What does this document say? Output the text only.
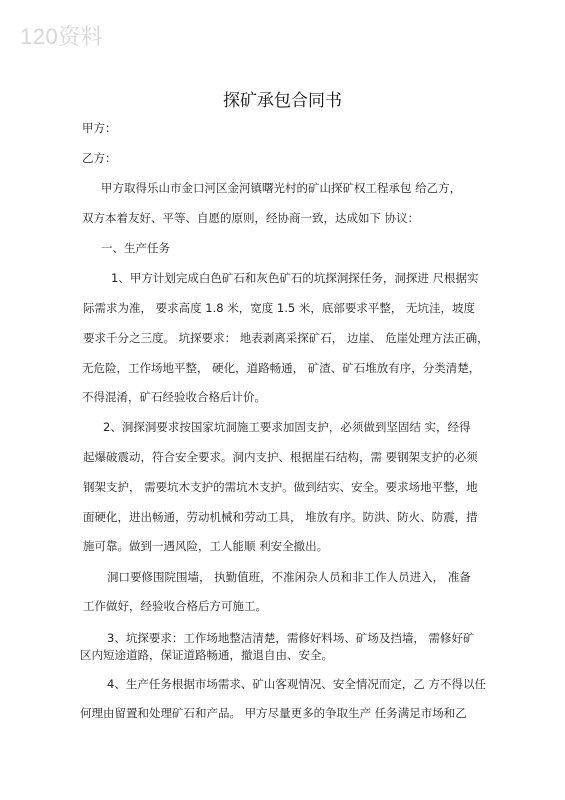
120资料
探矿承包合同书
甲方：
乙方：
甲方取得乐山市金口河区金河镇曙光村的矿山探矿权工程承包 给乙方，
双方本着友好、平等、自愿的原则，经协商一致，达成如下 协议：
一、生产任务
1、甲方计划完成白色矿石和灰色矿石的坑探洞探任务，洞探进 尺根据实
际需求为准， 要求高度 1.8 米，宽度 1.5 米，底部要求平整， 无坑洼，坡度
要求千分之三度。 坑探要求： 地表剥离采探矿石， 边崖、 危崖处理方法正确，
无危险，工作场地平整， 硬化，道路畅通， 矿渣、矿石堆放有序，分类清楚，
不得混淆，矿石经验收合格后计价。
2、洞探洞要求按国家坑洞施工要求加固支护，必须做到坚固结 实，经得
起爆破震动，符合安全要求。洞内支护、根据崖石结构，需 要钢架支护的必须
钢架支护， 需要坑木支护的需坑木支护。做到结实、安全。要求场地平整，地
面硬化，进出畅通，劳动机械和劳动工具， 堆放有序。防洪、防火、防震，措
施可靠。做到一遇风险，工人能顺 利安全撤出。
洞口要修围院围墙， 执勤值班，不准闲杂人员和非工作人员进入， 准备
工作做好，经验收合格后方可施工。
3、坑探要求：工作场地整洁清楚，需修好料场、矿场及挡墙， 需修好矿
区内短途道路，保证道路畅通，撤退自由、安全。
4、生产任务根据市场需求、矿山客观情况、安全情况而定，乙 方不得以任
何理由留置和处理矿石和产品。 甲方尽量更多的争取生产 任务满足市场和乙
